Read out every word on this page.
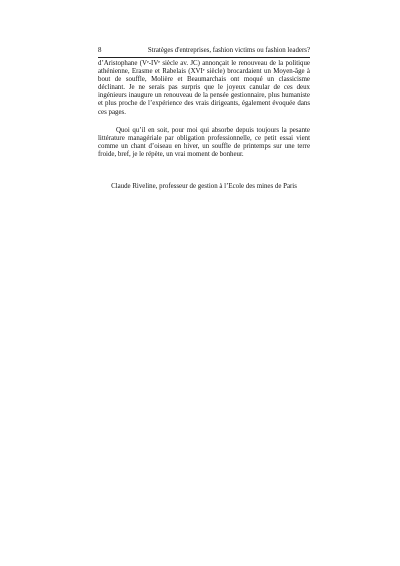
8	Stratèges d'entreprises, fashion victims ou fashion leaders?

d’Aristophane (Vᵉ-IVᵉ siècle av. JC) annonçait le renouveau de la politique athénienne, Erasme et Rabelais (XVIᵉ siècle) brocardaient un Moyen-âge à bout de souffle, Molière et Beaumarchais ont moqué un classicisme déclinant. Je ne serais pas surpris que le joyeux canular de ces deux ingénieurs inaugure un renouveau de la pensée gestionnaire, plus humaniste et plus proche de l’expérience des vrais dirigeants, également évoquée dans ces pages.

Quoi qu’il en soit, pour moi qui absorbe depuis toujours la pesante littérature managériale par obligation professionnelle, ce petit essai vient comme un chant d’oiseau en hiver, un souffle de printemps sur une terre froide, bref, je le répète, un vrai moment de bonheur.

Claude Riveline, professeur de gestion à l’Ecole des mines de Paris
